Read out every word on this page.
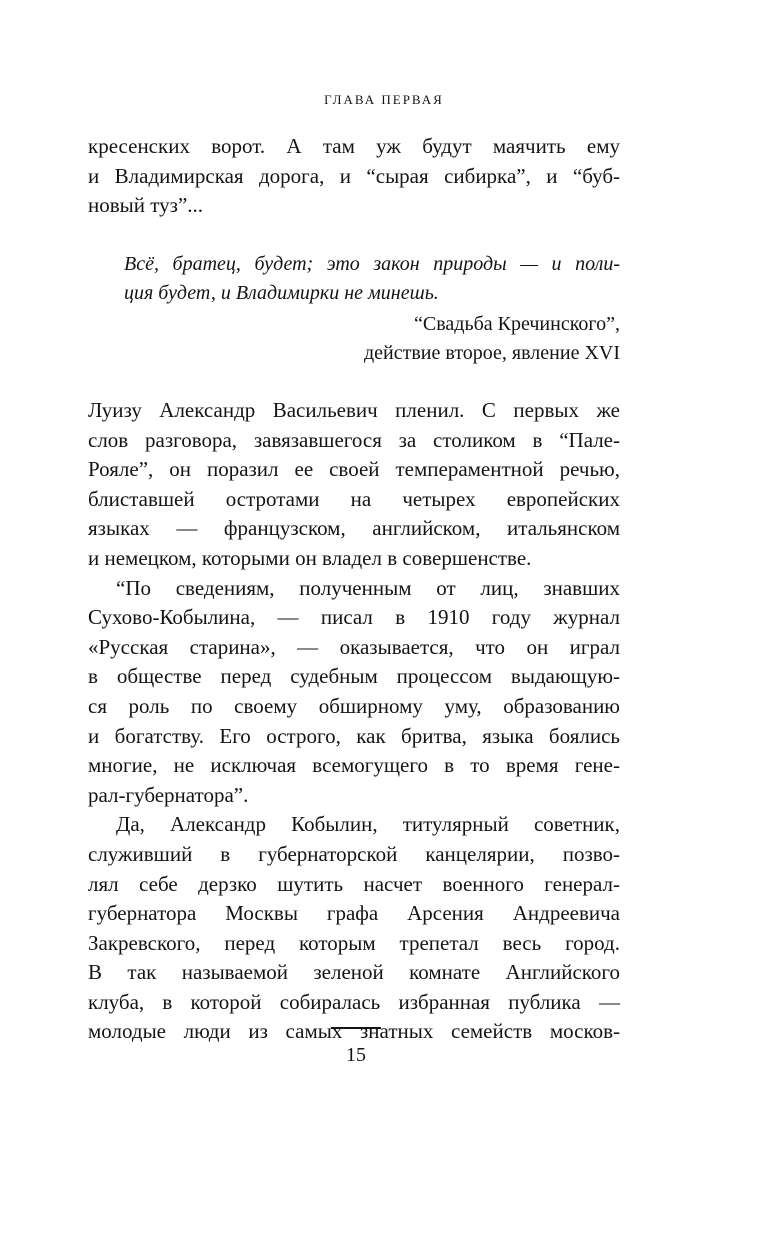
ГЛАВА ПЕРВАЯ

кресенских ворот. А там уж будут маячить ему
и Владимирская дорога, и “сырая сибирка”, и “буб-
новый туз”...

Всё, братец, будет; это закон природы — и поли-
ция будет, и Владимирки не минешь.
“Свадьба Кречинского”,
действие второе, явление XVI

Луизу Александр Васильевич пленил. С первых же
слов разговора, завязавшегося за столиком в “Пале-
Рояле”, он поразил ее своей темпераментной речью,
блиставшей остротами на четырех европейских
языках — французском, английском, итальянском
и немецком, которыми он владел в совершенстве.

“По сведениям, полученным от лиц, знавших
Сухово-Кобылина, — писал в 1910 году журнал
«Русская старина», — оказывается, что он играл
в обществе перед судебным процессом выдающую-
ся роль по своему обширному уму, образованию
и богатству. Его острого, как бритва, языка боялись
многие, не исключая всемогущего в то время гене-
рал-губернатора”.

Да, Александр Кобылин, титулярный советник,
служивший в губернаторской канцелярии, позво-
лял себе дерзко шутить насчет военного генерал-
губернатора Москвы графа Арсения Андреевича
Закревского, перед которым трепетал весь город.
В так называемой зеленой комнате Английского
клуба, в которой собиралась избранная публика —
молодые люди из самых знатных семейств москов-

15
